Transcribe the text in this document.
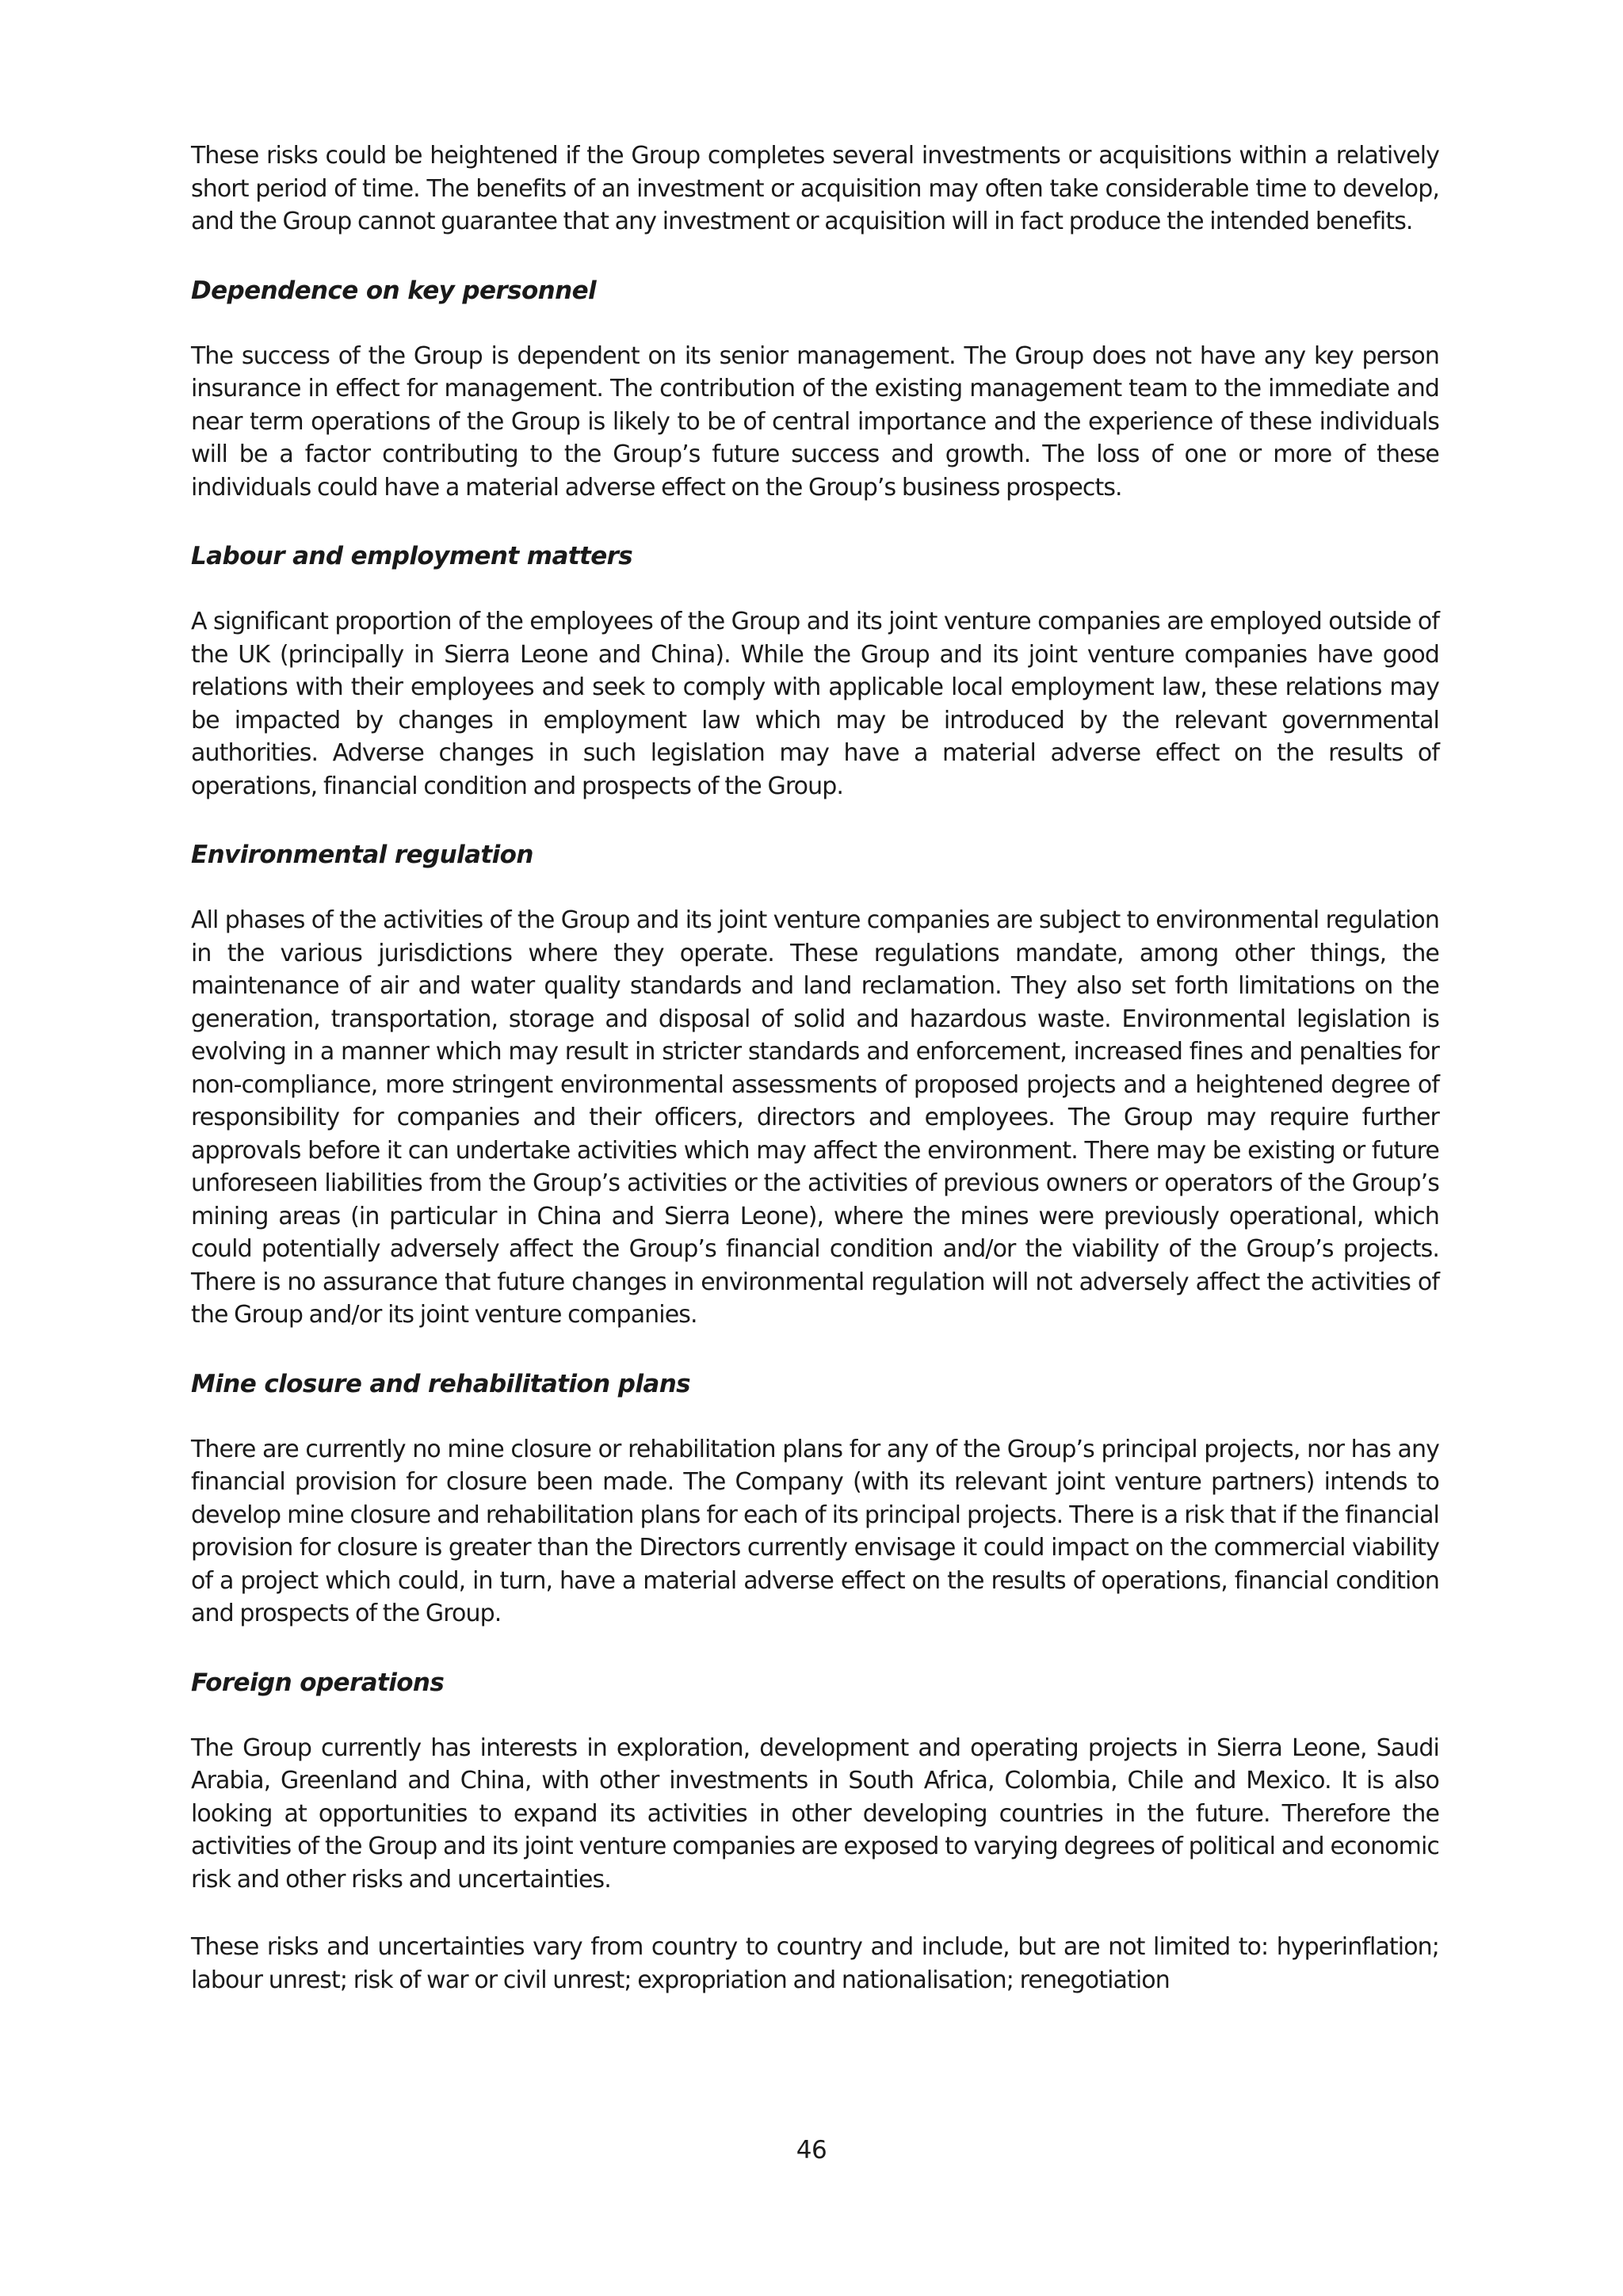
These risks could be heightened if the Group completes several investments or acquisitions within a relatively short period of time. The benefits of an investment or acquisition may often take considerable time to develop, and the Group cannot guarantee that any investment or acquisition will in fact produce the intended benefits.

Dependence on key personnel

The success of the Group is dependent on its senior management. The Group does not have any key person insurance in effect for management. The contribution of the existing management team to the immediate and near term operations of the Group is likely to be of central importance and the experience of these individuals will be a factor contributing to the Group’s future success and growth. The loss of one or more of these individuals could have a material adverse effect on the Group’s business prospects.

Labour and employment matters

A significant proportion of the employees of the Group and its joint venture companies are employed outside of the UK (principally in Sierra Leone and China). While the Group and its joint venture companies have good relations with their employees and seek to comply with applicable local employment law, these relations may be impacted by changes in employment law which may be introduced by the relevant governmental authorities. Adverse changes in such legislation may have a material adverse effect on the results of operations, financial condition and prospects of the Group.

Environmental regulation

All phases of the activities of the Group and its joint venture companies are subject to environmental regulation in the various jurisdictions where they operate. These regulations mandate, among other things, the maintenance of air and water quality standards and land reclamation. They also set forth limitations on the generation, transportation, storage and disposal of solid and hazardous waste. Environmental legislation is evolving in a manner which may result in stricter standards and enforcement, increased fines and penalties for non-compliance, more stringent environmental assessments of proposed projects and a heightened degree of responsibility for companies and their officers, directors and employees. The Group may require further approvals before it can undertake activities which may affect the environment. There may be existing or future unforeseen liabilities from the Group’s activities or the activities of previous owners or operators of the Group’s mining areas (in particular in China and Sierra Leone), where the mines were previously operational, which could potentially adversely affect the Group’s financial condition and/or the viability of the Group’s projects. There is no assurance that future changes in environmental regulation will not adversely affect the activities of the Group and/or its joint venture companies.

Mine closure and rehabilitation plans

There are currently no mine closure or rehabilitation plans for any of the Group’s principal projects, nor has any financial provision for closure been made. The Company (with its relevant joint venture partners) intends to develop mine closure and rehabilitation plans for each of its principal projects. There is a risk that if the financial provision for closure is greater than the Directors currently envisage it could impact on the commercial viability of a project which could, in turn, have a material adverse effect on the results of operations, financial condition and prospects of the Group.

Foreign operations

The Group currently has interests in exploration, development and operating projects in Sierra Leone, Saudi Arabia, Greenland and China, with other investments in South Africa, Colombia, Chile and Mexico. It is also looking at opportunities to expand its activities in other developing countries in the future. Therefore the activities of the Group and its joint venture companies are exposed to varying degrees of political and economic risk and other risks and uncertainties.

These risks and uncertainties vary from country to country and include, but are not limited to: hyperinflation; labour unrest; risk of war or civil unrest; expropriation and nationalisation; renegotiation

46
